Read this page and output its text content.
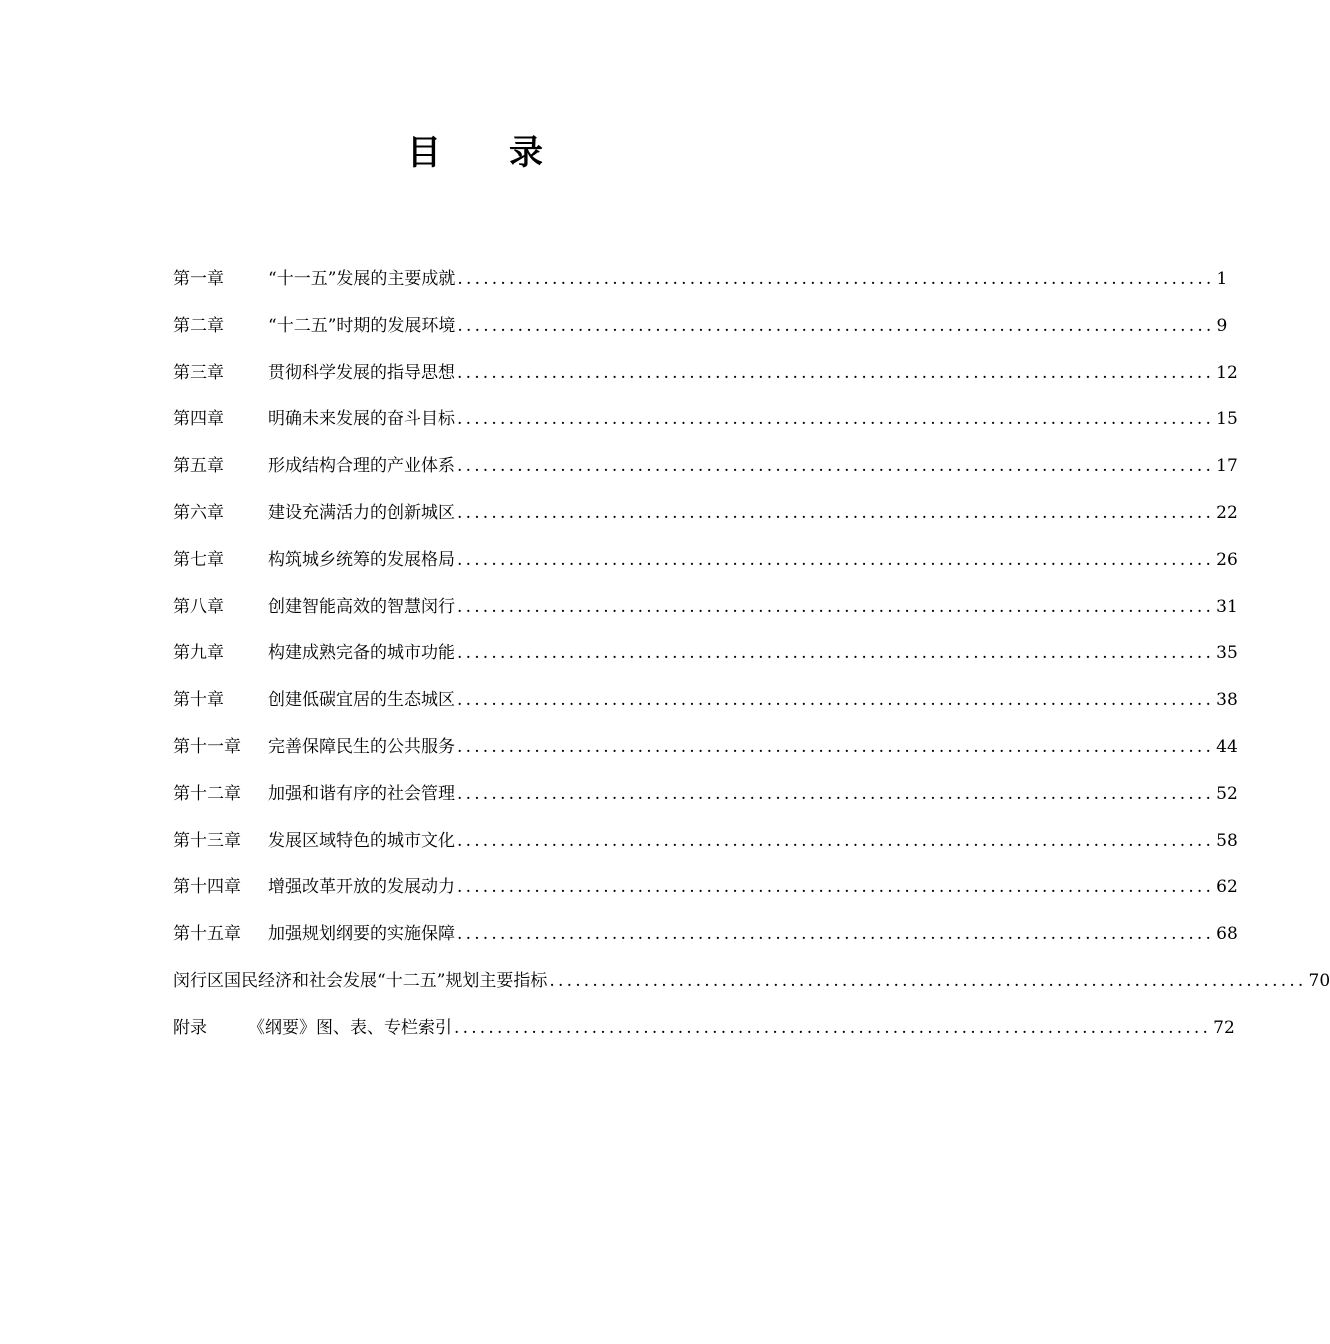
目 录
第一章	“十一五”发展的主要成就 ........................................................................................ 1
第二章	“十二五”时期的发展环境 ........................................................................................ 9
第三章	贯彻科学发展的指导思想 ........................................................................................ 12
第四章	明确未来发展的奋斗目标 ........................................................................................ 15
第五章	形成结构合理的产业体系 ........................................................................................ 17
第六章	建设充满活力的创新城区 ........................................................................................ 22
第七章	构筑城乡统筹的发展格局 ........................................................................................ 26
第八章	创建智能高效的智慧闵行 ........................................................................................ 31
第九章	构建成熟完备的城市功能 ........................................................................................ 35
第十章	创建低碳宜居的生态城区 ........................................................................................ 38
第十一章	完善保障民生的公共服务 ........................................................................................ 44
第十二章	加强和谐有序的社会管理 ........................................................................................ 52
第十三章	发展区域特色的城市文化 ........................................................................................ 58
第十四章	增强改革开放的发展动力 ........................................................................................ 62
第十五章	加强规划纲要的实施保障 ........................................................................................ 68
闵行区国民经济和社会发展“十二五”规划主要指标 ........................................................................................ 70
附录	《纲要》图、表、专栏索引 ........................................................................................ 72
